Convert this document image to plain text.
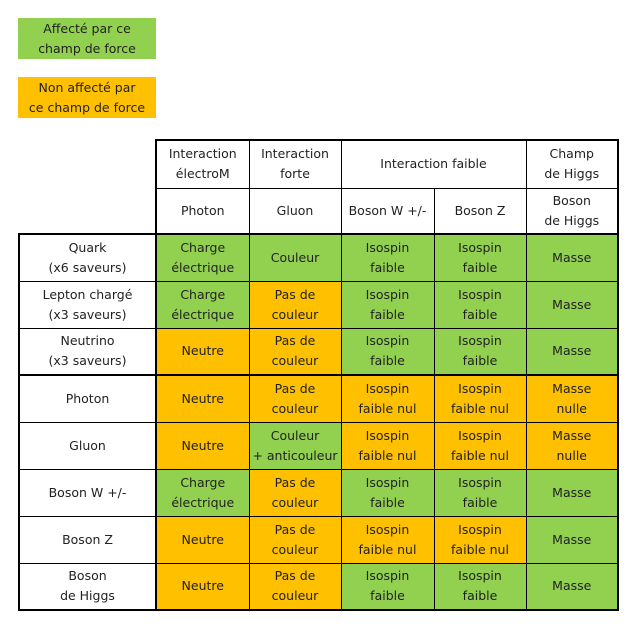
Affecté par ce
champ de force
Non affecté par
ce champ de force

	Interaction
électroM	Interaction
forte	Interaction faible		Champ
de Higgs

	Photon	Gluon	Boson W +/-	Boson Z	Boson
de Higgs

Quark
(x6 saveurs)	Charge
électrique	Couleur	Isospin
faible	Isospin
faible	Masse

Lepton chargé
(x3 saveurs)	Charge
électrique	Pas de
couleur	Isospin
faible	Isospin
faible	Masse

Neutrino
(x3 saveurs)	Neutre	Pas de
couleur	Isospin
faible	Isospin
faible	Masse

Photon	Neutre	Pas de
couleur	Isospin
faible nul	Isospin
faible nul	Masse
nulle

Gluon	Neutre	Couleur
+ anticouleur	Isospin
faible nul	Isospin
faible nul	Masse
nulle

Boson W +/-	Charge
électrique	Pas de
couleur	Isospin
faible	Isospin
faible	Masse

Boson Z	Neutre	Pas de
couleur	Isospin
faible nul	Isospin
faible nul	Masse

Boson
de Higgs	Neutre	Pas de
couleur	Isospin
faible	Isospin
faible	Masse
